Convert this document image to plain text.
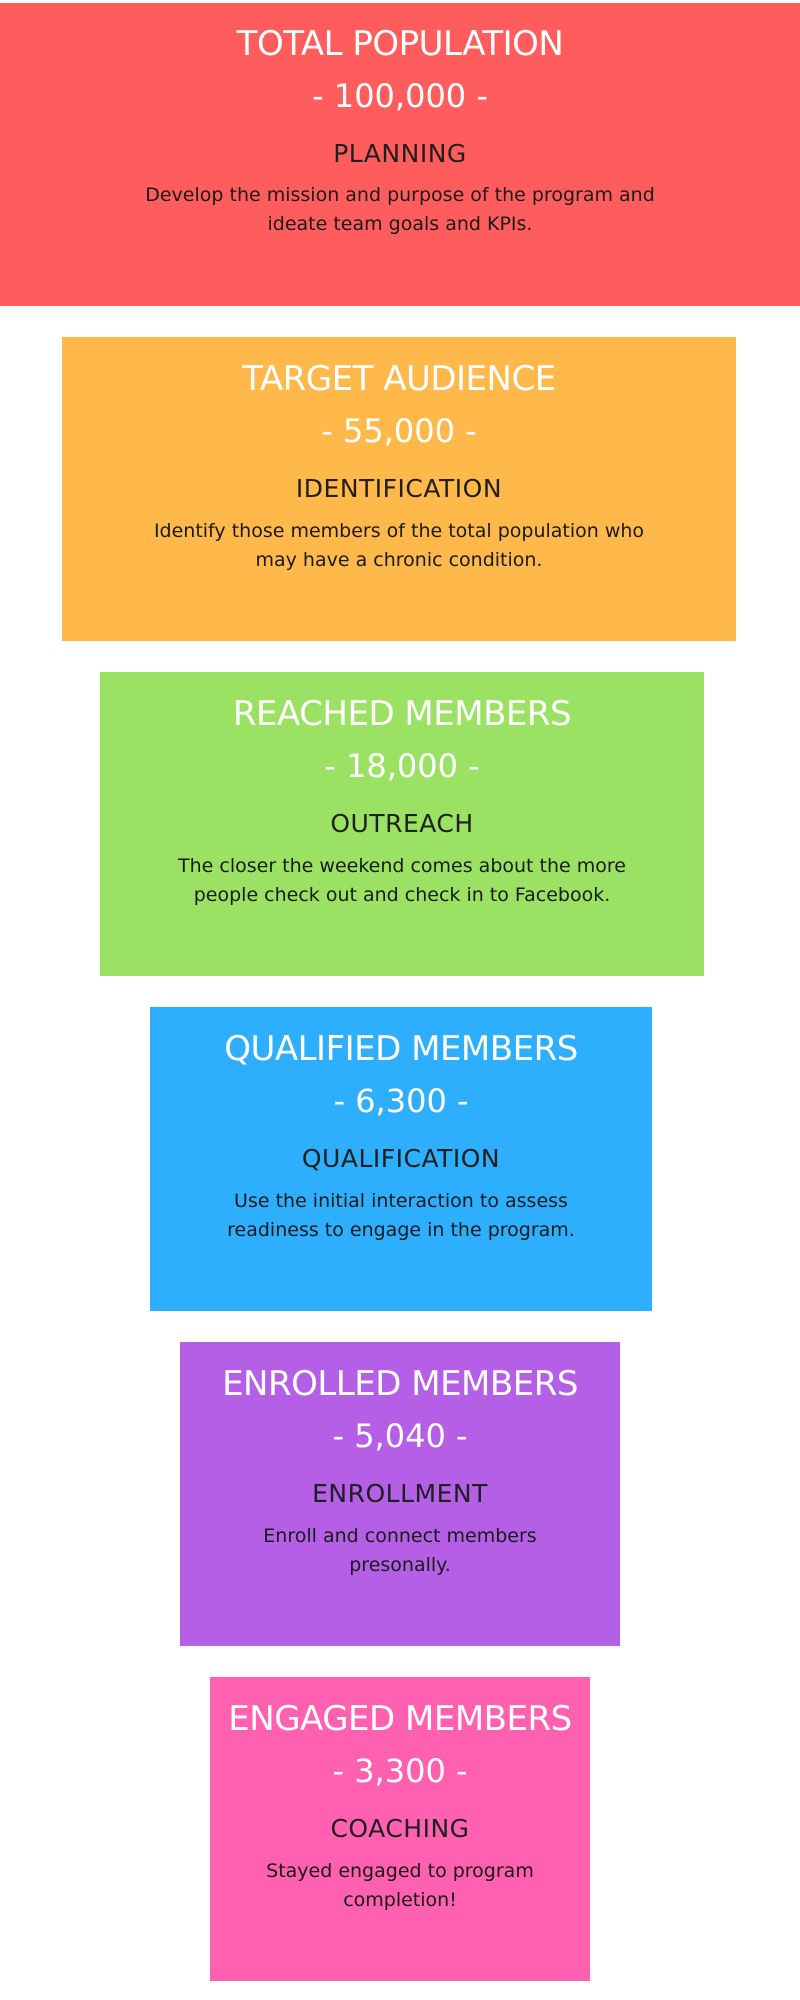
TOTAL POPULATION
- 100,000 -
PLANNING
Develop the mission and purpose of the program and ideate team goals and KPIs.
TARGET AUDIENCE
- 55,000 -
IDENTIFICATION
Identify those members of the total population who may have a chronic condition.
REACHED MEMBERS
- 18,000 -
OUTREACH
The closer the weekend comes about the more people check out and check in to Facebook.
QUALIFIED MEMBERS
- 6,300 -
QUALIFICATION
Use the initial interaction to assess readiness to engage in the program.
ENROLLED MEMBERS
- 5,040 -
ENROLLMENT
Enroll and connect members presonally.
ENGAGED MEMBERS
- 3,300 -
COACHING
Stayed engaged to program completion!
